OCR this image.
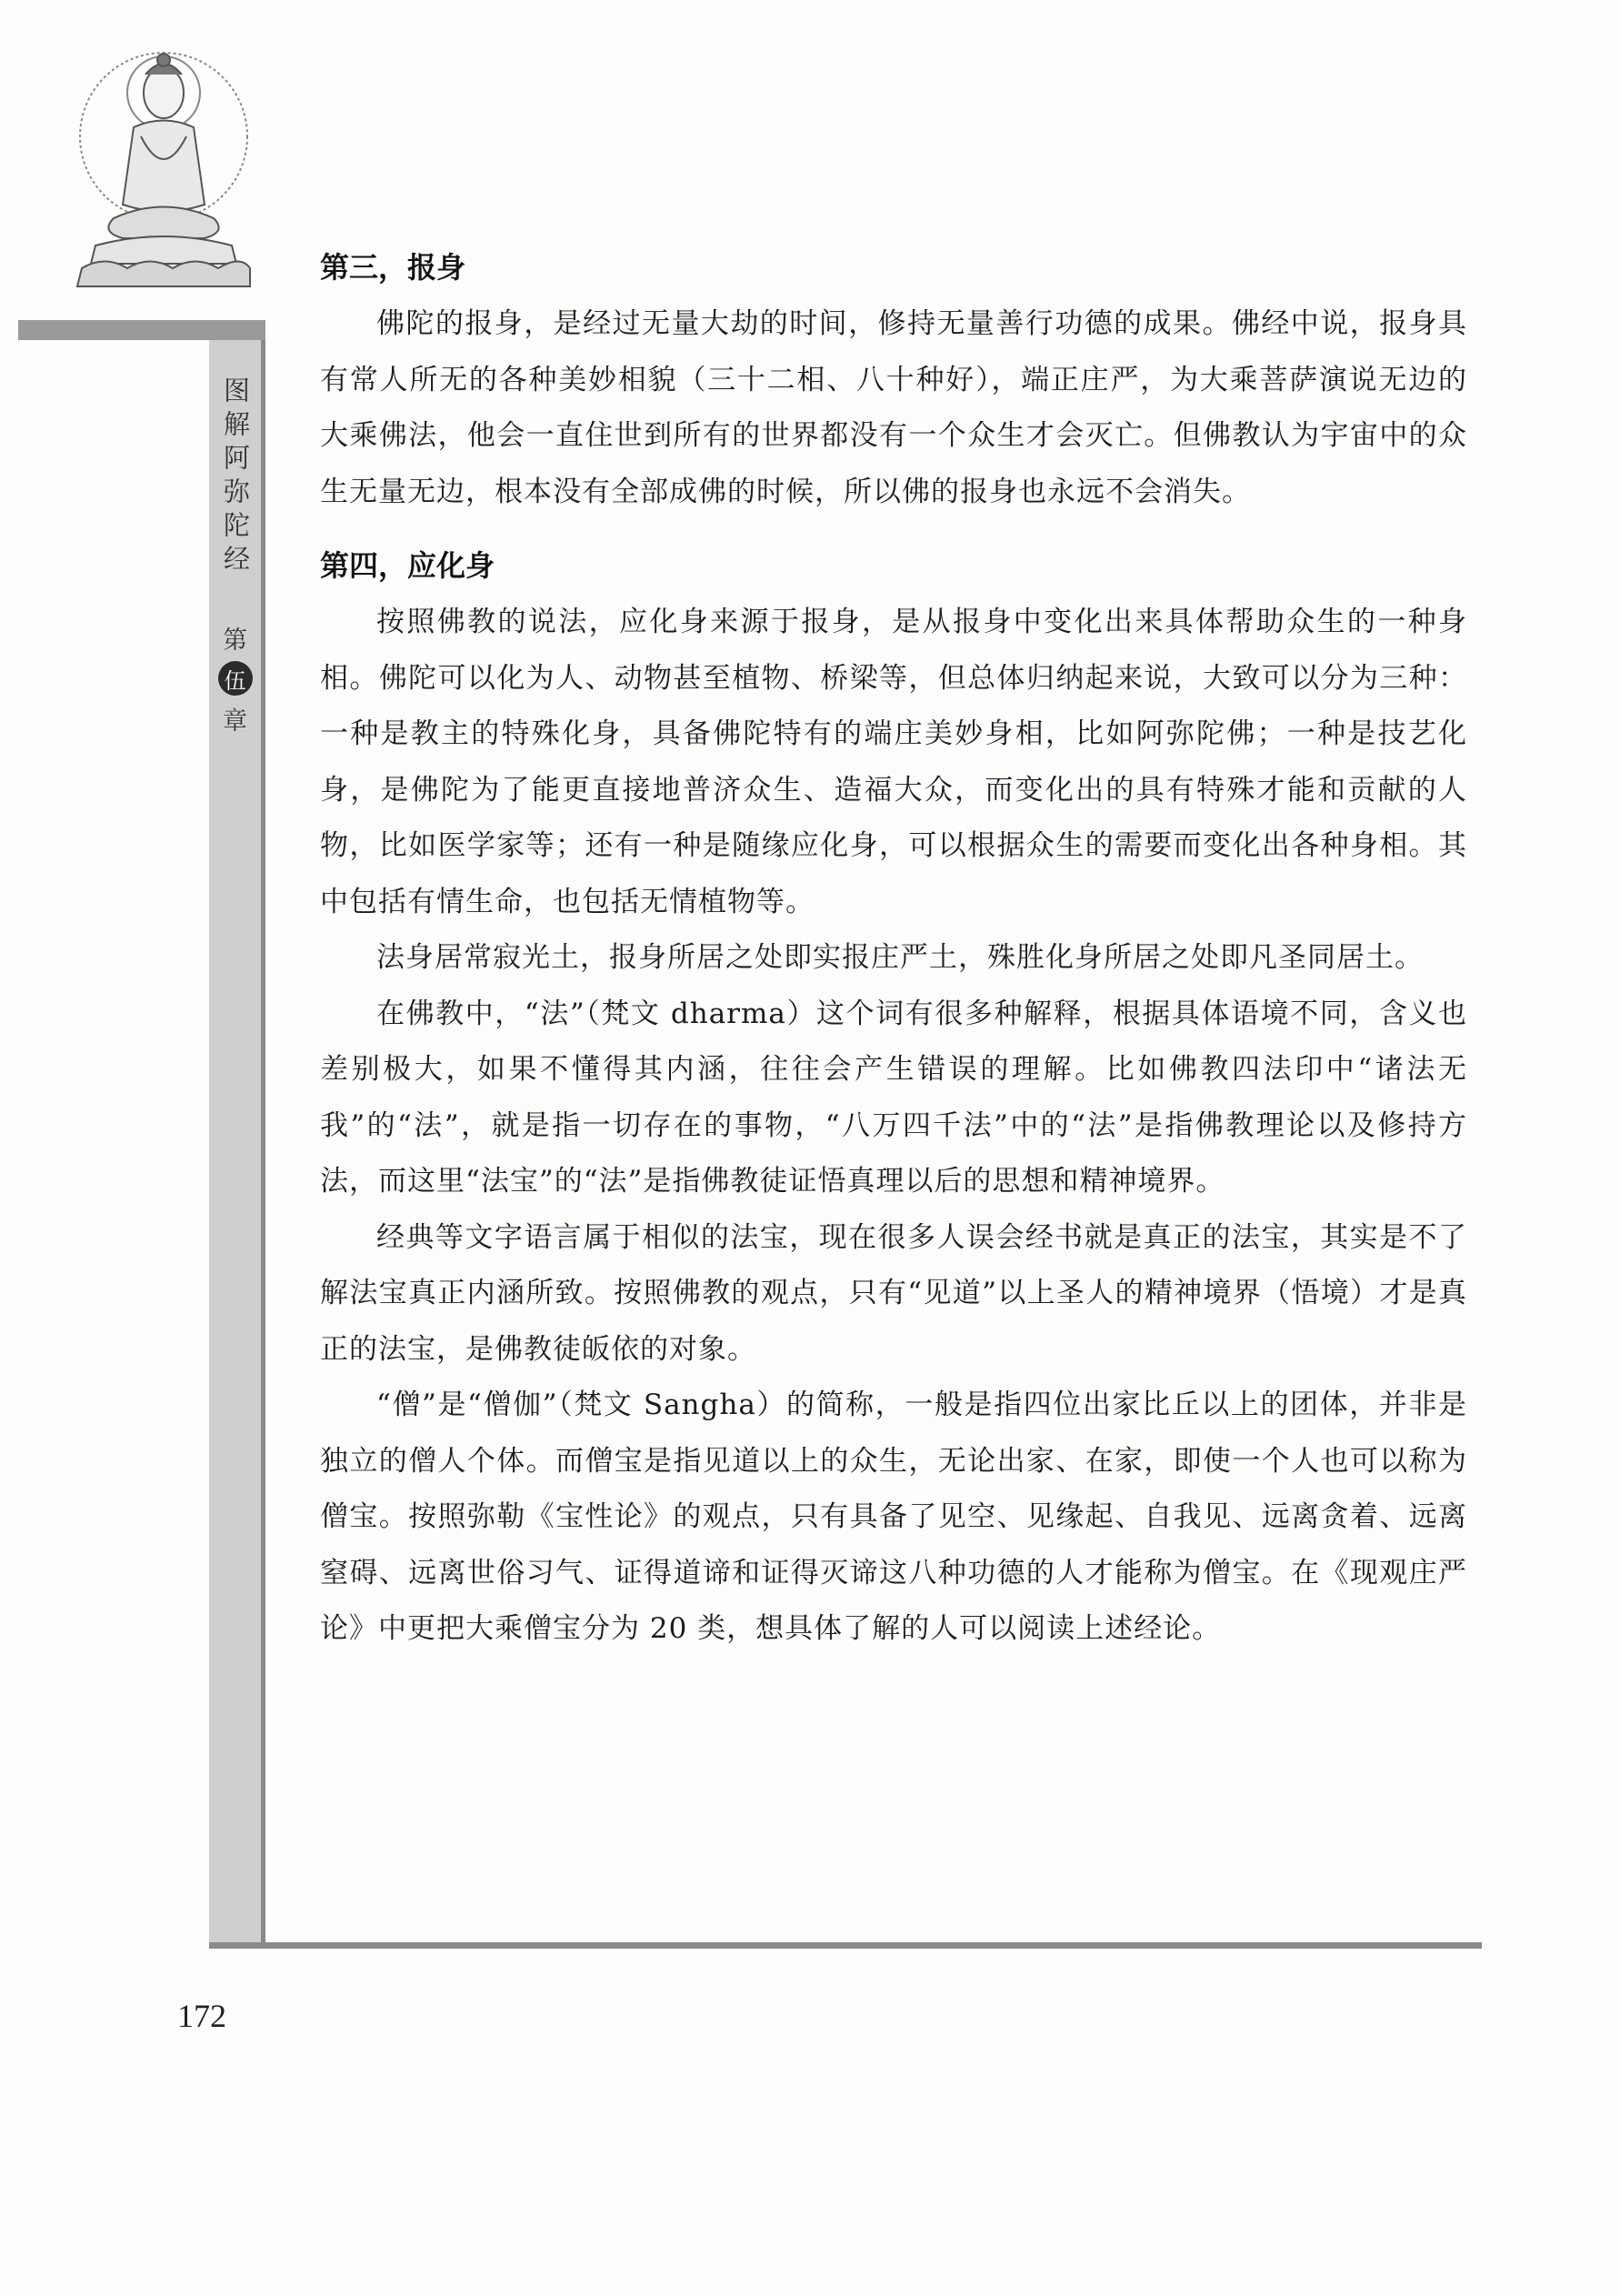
图解阿弥陀经
第
伍
章
第三，报身

佛陀的报身，是经过无量大劫的时间，修持无量善行功德的成果。佛经中说，报身具有常人所无的各种美妙相貌（三十二相、八十种好），端正庄严，为大乘菩萨演说无边的大乘佛法，他会一直住世到所有的世界都没有一个众生才会灭亡。但佛教认为宇宙中的众生无量无边，根本没有全部成佛的时候，所以佛的报身也永远不会消失。

第四，应化身

按照佛教的说法，应化身来源于报身，是从报身中变化出来具体帮助众生的一种身相。佛陀可以化为人、动物甚至植物、桥梁等，但总体归纳起来说，大致可以分为三种：一种是教主的特殊化身，具备佛陀特有的端庄美妙身相，比如阿弥陀佛；一种是技艺化身，是佛陀为了能更直接地普济众生、造福大众，而变化出的具有特殊才能和贡献的人物，比如医学家等；还有一种是随缘应化身，可以根据众生的需要而变化出各种身相。其中包括有情生命，也包括无情植物等。

法身居常寂光土，报身所居之处即实报庄严土，殊胜化身所居之处即凡圣同居土。

在佛教中，“法”（梵文 dharma）这个词有很多种解释，根据具体语境不同，含义也差别极大，如果不懂得其内涵，往往会产生错误的理解。比如佛教四法印中“诸法无我”的“法”，就是指一切存在的事物，“八万四千法”中的“法”是指佛教理论以及修持方法，而这里“法宝”的“法”是指佛教徒证悟真理以后的思想和精神境界。

经典等文字语言属于相似的法宝，现在很多人误会经书就是真正的法宝，其实是不了解法宝真正内涵所致。按照佛教的观点，只有“见道”以上圣人的精神境界（悟境）才是真正的法宝，是佛教徒皈依的对象。

“僧”是“僧伽”（梵文 Sangha）的简称，一般是指四位出家比丘以上的团体，并非是独立的僧人个体。而僧宝是指见道以上的众生，无论出家、在家，即使一个人也可以称为僧宝。按照弥勒《宝性论》的观点，只有具备了见空、见缘起、自我见、远离贪着、远离窒碍、远离世俗习气、证得道谛和证得灭谛这八种功德的人才能称为僧宝。在《现观庄严论》中更把大乘僧宝分为 20 类，想具体了解的人可以阅读上述经论。

172
